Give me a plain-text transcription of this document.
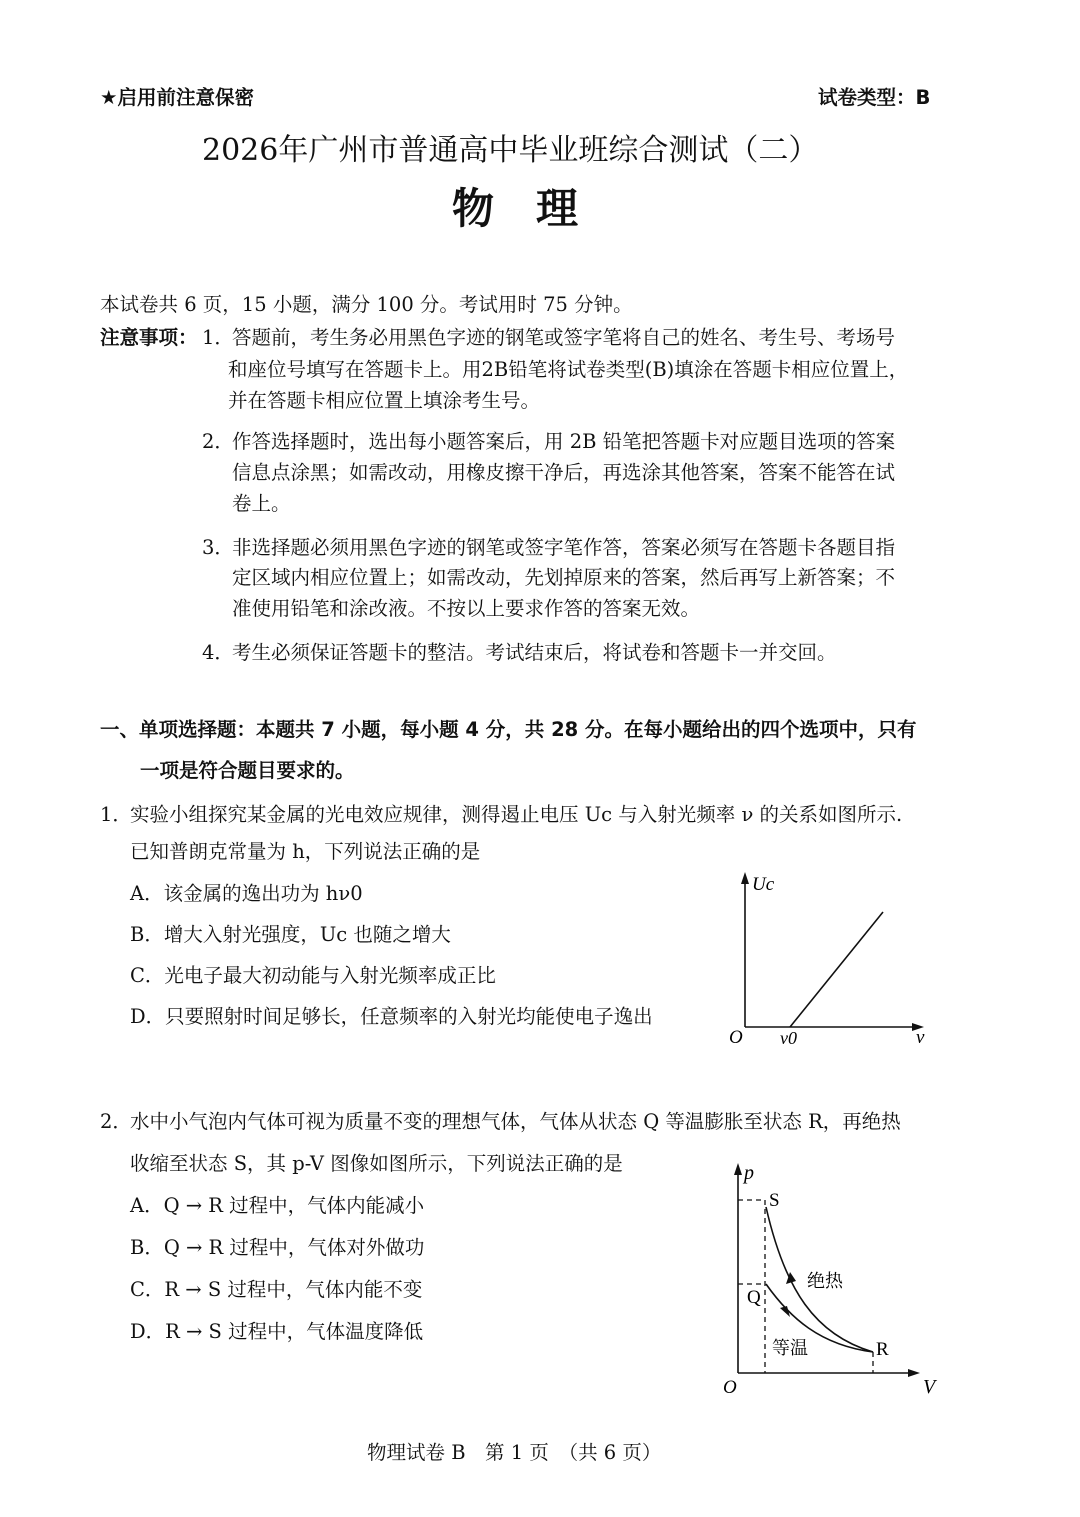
★启用前注意保密	试卷类型：B
2026年广州市普通高中毕业班综合测试（二）
物　理
本试卷共 6 页，15 小题，满分 100 分。考试用时 75 分钟。
注意事项： 1．
答题前，考生务必用黑色字迹的钢笔或签字笔将自己的姓名、考生号、考场号
和座位号填写在答题卡上。用2B铅笔将试卷类型(B)填涂在答题卡相应位置上，
并在答题卡相应位置上填涂考生号。
2．
作答选择题时，选出每小题答案后，用 2B 铅笔把答题卡对应题目选项的答案
信息点涂黑；如需改动，用橡皮擦干净后，再选涂其他答案，答案不能答在试
卷上。
3．
非选择题必须用黑色字迹的钢笔或签字笔作答，答案必须写在答题卡各题目指
定区域内相应位置上；如需改动，先划掉原来的答案，然后再写上新答案；不
准使用铅笔和涂改液。不按以上要求作答的答案无效。
4．
考生必须保证答题卡的整洁。考试结束后，将试卷和答题卡一并交回。
一、单项选择题：本题共 7 小题，每小题 4 分，共 28 分。在每小题给出的四个选项中，只有
一项是符合题目要求的。
1．
实验小组探究某金属的光电效应规律，测得遏止电压 Uc 与入射光频率 ν 的关系如图所示.
已知普朗克常量为 h，下列说法正确的是
A．该金属的逸出功为 hν0
B．增大入射光强度，Uc 也随之增大
C．光电子最大初动能与入射光频率成正比
D．只要照射时间足够长，任意频率的入射光均能使电子逸出
Uc
O ν0	ν
p
S
Q
R
绝热
等温
O	V
2．
水中小气泡内气体可视为质量不变的理想气体，气体从状态 Q 等温膨胀至状态 R，再绝热
收缩至状态 S，其 p-V 图像如图所示，下列说法正确的是
A．Q → R 过程中，气体内能减小
B．Q → R 过程中，气体对外做功
C．R → S 过程中，气体内能不变
D．R → S 过程中，气体温度降低
物理试卷 B　第 1 页　（共 6 页）
